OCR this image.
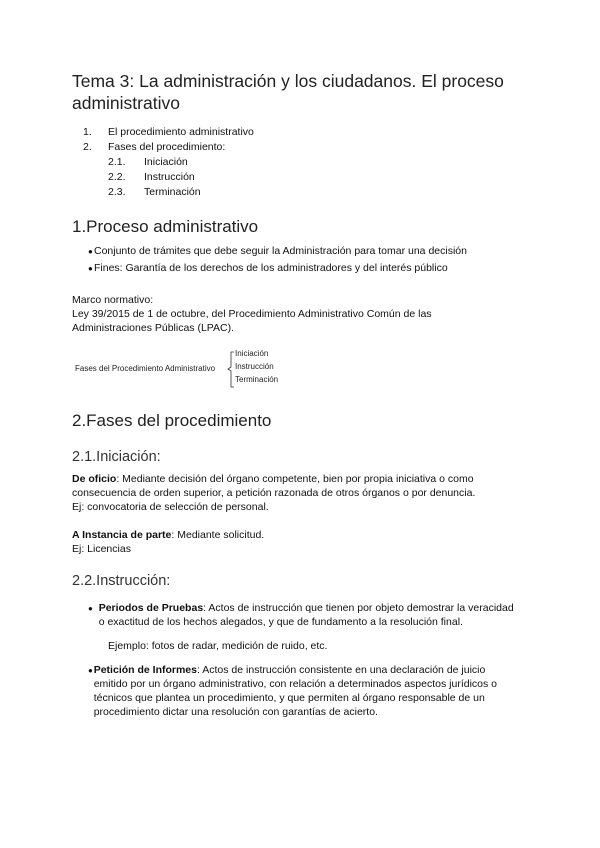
Tema 3: La administración y los ciudadanos. El proceso administrativo
1.	El procedimiento administrativo
2.	Fases del procedimiento:
2.1.	Iniciación
2.2.	Instrucción
2.3.	Terminación
1.Proceso administrativo
● Conjunto de trámites que debe seguir la Administración para tomar una decisión
● Fines: Garantía de los derechos de los administradores y del interés público
Marco normativo:
Ley 39/2015 de 1 de octubre, del Procedimiento Administrativo Común de las Administraciones Públicas (LPAC).
Fases del Procedimiento Administrativo
Iniciación
Instrucción
Terminación
2.Fases del procedimiento
2.1.Iniciación:
De oficio: Mediante decisión del órgano competente, bien por propia iniciativa o como consecuencia de orden superior, a petición razonada de otros órganos o por denuncia.
Ej: convocatoria de selección de personal.
A Instancia de parte: Mediante solicitud.
Ej: Licencias
2.2.Instrucción:
● Periodos de Pruebas: Actos de instrucción que tienen por objeto demostrar la veracidad o exactitud de los hechos alegados, y que de fundamento a la resolución final.
Ejemplo: fotos de radar, medición de ruido, etc.
● Petición de Informes: Actos de instrucción consistente en una declaración de juicio emitido por un órgano administrativo, con relación a determinados aspectos jurídicos o técnicos que plantea un procedimiento, y que permiten al órgano responsable de un procedimiento dictar una resolución con garantías de acierto.
